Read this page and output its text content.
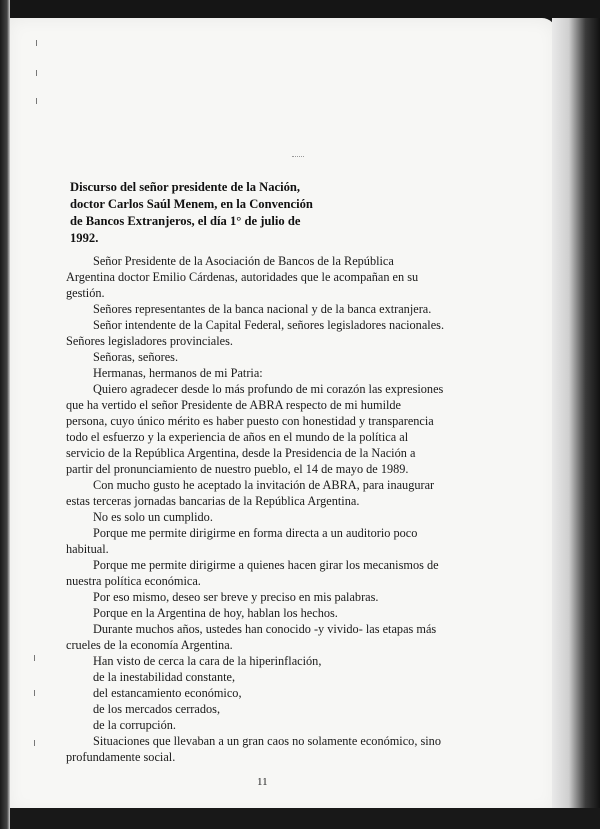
Discurso del señor presidente de la Nación,
doctor Carlos Saúl Menem, en la Convención
de Bancos Extranjeros, el día 1° de julio de
1992.
Señor Presidente de la Asociación de Bancos de la República
Argentina doctor Emilio Cárdenas, autoridades que le acompañan en su
gestión.
Señores representantes de la banca nacional y de la banca extranjera.
Señor intendente de la Capital Federal, señores legisladores nacionales.
Señores legisladores provinciales.
Señoras, señores.
Hermanas, hermanos de mi Patria:
Quiero agradecer desde lo más profundo de mi corazón las expresiones
que ha vertido el señor Presidente de ABRA respecto de mi humilde
persona, cuyo único mérito es haber puesto con honestidad y transparencia
todo el esfuerzo y la experiencia de años en el mundo de la política al
servicio de la República Argentina, desde la Presidencia de la Nación a
partir del pronunciamiento de nuestro pueblo, el 14 de mayo de 1989.
Con mucho gusto he aceptado la invitación de ABRA, para inaugurar
estas terceras jornadas bancarias de la República Argentina.
No es solo un cumplido.
Porque me permite dirigirme en forma directa a un auditorio poco
habitual.
Porque me permite dirigirme a quienes hacen girar los mecanismos de
nuestra política económica.
Por eso mismo, deseo ser breve y preciso en mis palabras.
Porque en la Argentina de hoy, hablan los hechos.
Durante muchos años, ustedes han conocido -y vivido- las etapas más
crueles de la economía Argentina.
Han visto de cerca la cara de la hiperinflación,
de la inestabilidad constante,
del estancamiento económico,
de los mercados cerrados,
de la corrupción.
Situaciones que llevaban a un gran caos no solamente económico, sino
profundamente social.
11
